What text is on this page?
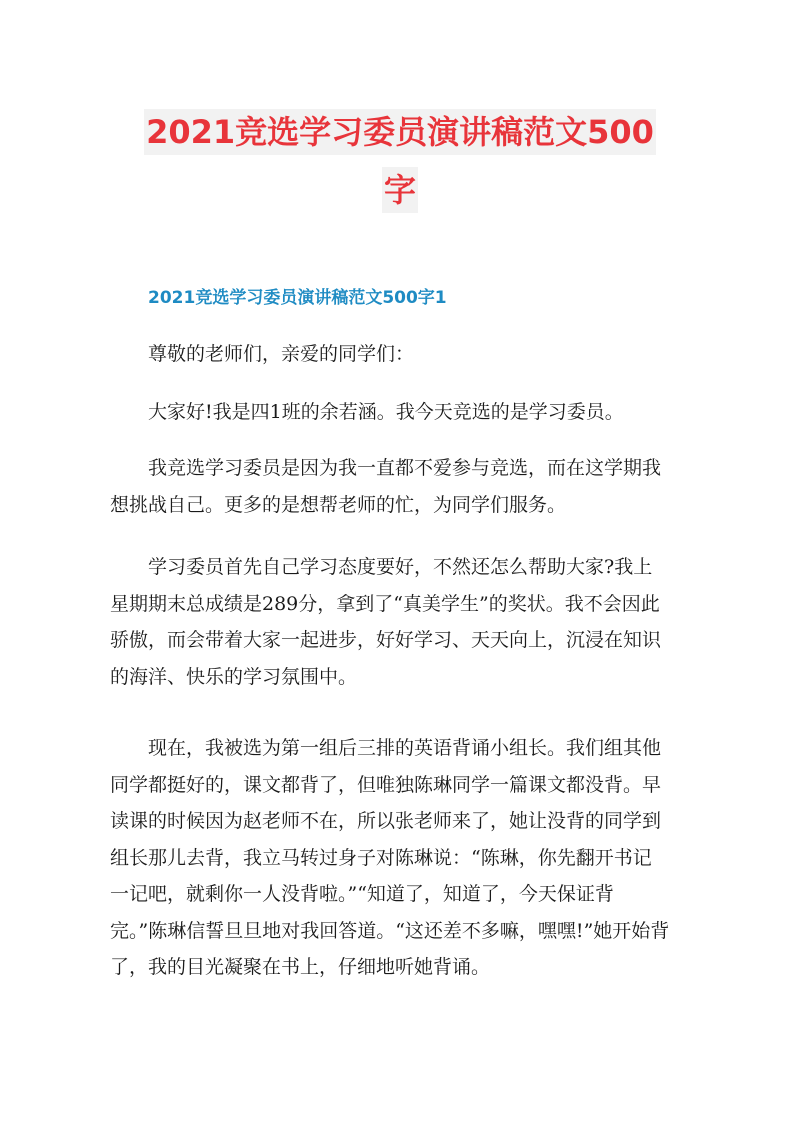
2021竞选学习委员演讲稿范文500
字
2021竞选学习委员演讲稿范文500字1

尊敬的老师们，亲爱的同学们：

大家好!我是四1班的余若涵。我今天竞选的是学习委员。

我竞选学习委员是因为我一直都不爱参与竞选，而在这学期我想挑战自己。更多的是想帮老师的忙，为同学们服务。

学习委员首先自己学习态度要好，不然还怎么帮助大家?我上星期期末总成绩是289分，拿到了“真美学生”的奖状。我不会因此骄傲，而会带着大家一起进步，好好学习、天天向上，沉浸在知识的海洋、快乐的学习氛围中。

现在，我被选为第一组后三排的英语背诵小组长。我们组其他同学都挺好的，课文都背了，但唯独陈琳同学一篇课文都没背。早读课的时候因为赵老师不在，所以张老师来了，她让没背的同学到组长那儿去背，我立马转过身子对陈琳说：“陈琳，你先翻开书记一记吧，就剩你一人没背啦。”“知道了，知道了，今天保证背完。”陈琳信誓旦旦地对我回答道。“这还差不多嘛，嘿嘿!”她开始背了，我的目光凝聚在书上，仔细地听她背诵。
